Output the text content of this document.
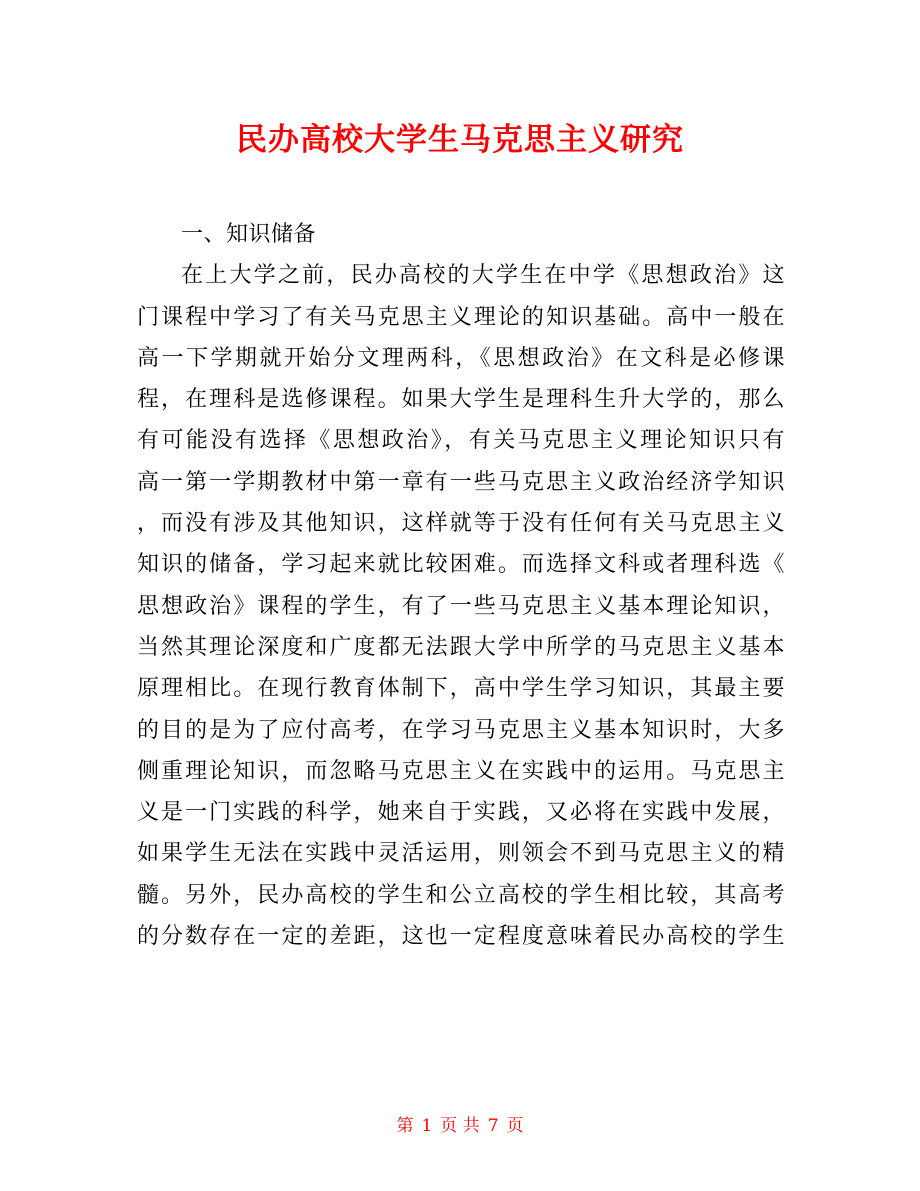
民办高校大学生马克思主义研究
一、知识储备
在上大学之前，民办高校的大学生在中学《思想政治》这
门课程中学习了有关马克思主义理论的知识基础。高中一般在
高一下学期就开始分文理两科，《思想政治》在文科是必修课
程，在理科是选修课程。如果大学生是理科生升大学的，那么
有可能没有选择《思想政治》，有关马克思主义理论知识只有
高一第一学期教材中第一章有一些马克思主义政治经济学知识
，而没有涉及其他知识，这样就等于没有任何有关马克思主义
知识的储备，学习起来就比较困难。而选择文科或者理科选《
思想政治》课程的学生，有了一些马克思主义基本理论知识，
当然其理论深度和广度都无法跟大学中所学的马克思主义基本
原理相比。在现行教育体制下，高中学生学习知识，其最主要
的目的是为了应付高考，在学习马克思主义基本知识时，大多
侧重理论知识，而忽略马克思主义在实践中的运用。马克思主
义是一门实践的科学，她来自于实践，又必将在实践中发展，
如果学生无法在实践中灵活运用，则领会不到马克思主义的精
髓。另外，民办高校的学生和公立高校的学生相比较，其高考
的分数存在一定的差距，这也一定程度意味着民办高校的学生
第 1 页 共 7 页
